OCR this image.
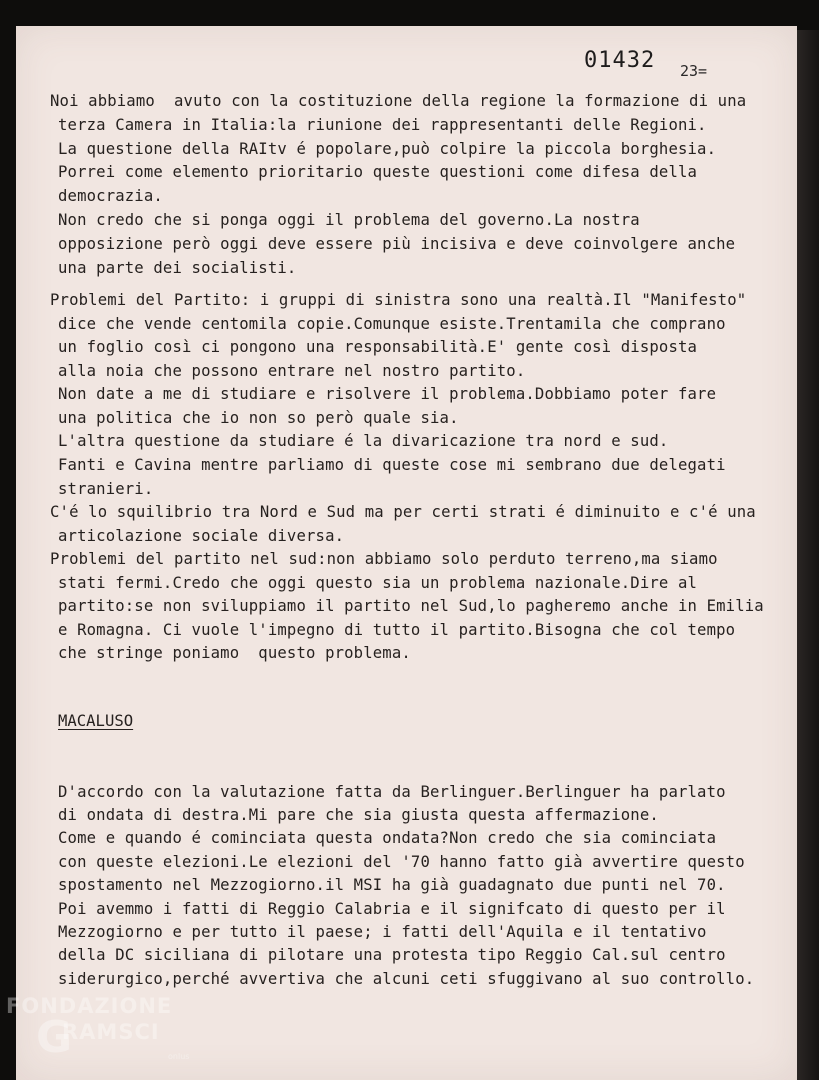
01432 23=
Noi abbiamo  avuto con la costituzione della regione la formazione di una
terza Camera in Italia:la riunione dei rappresentanti delle Regioni.
La questione della RAItv é popolare,può colpire la piccola borghesia.
Porrei come elemento prioritario queste questioni come difesa della
democrazia.
Non credo che si ponga oggi il problema del governo.La nostra
opposizione però oggi deve essere più incisiva e deve coinvolgere anche
una parte dei socialisti.
Problemi del Partito: i gruppi di sinistra sono una realtà.Il "Manifesto"
dice che vende centomila copie.Comunque esiste.Trentamila che comprano
un foglio così ci pongono una responsabilità.E' gente così disposta
alla noia che possono entrare nel nostro partito.
Non date a me di studiare e risolvere il problema.Dobbiamo poter fare
una politica che io non so però quale sia.
L'altra questione da studiare é la divaricazione tra nord e sud.
Fanti e Cavina mentre parliamo di queste cose mi sembrano due delegati
stranieri.
C'é lo squilibrio tra Nord e Sud ma per certi strati é diminuito e c'é una
articolazione sociale diversa.
Problemi del partito nel sud:non abbiamo solo perduto terreno,ma siamo
stati fermi.Credo che oggi questo sia un problema nazionale.Dire al
partito:se non sviluppiamo il partito nel Sud,lo pagheremo anche in Emilia
e Romagna. Ci vuole l'impegno di tutto il partito.Bisogna che col tempo
che stringe poniamo  questo problema.
MACALUSO
D'accordo con la valutazione fatta da Berlinguer.Berlinguer ha parlato
di ondata di destra.Mi pare che sia giusta questa affermazione.
Come e quando é cominciata questa ondata?Non credo che sia cominciata
con queste elezioni.Le elezioni del '70 hanno fatto già avvertire questo
spostamento nel Mezzogiorno.il MSI ha già guadagnato due punti nel 70.
Poi avemmo i fatti di Reggio Calabria e il signifcato di questo per il
Mezzogiorno e per tutto il paese; i fatti dell'Aquila e il tentativo
della DC siciliana di pilotare una protesta tipo Reggio Cal.sul centro
siderurgico,perché avvertiva che alcuni ceti sfuggivano al suo controllo.
FONDAZIONE
G
RAMSCI
onlus
